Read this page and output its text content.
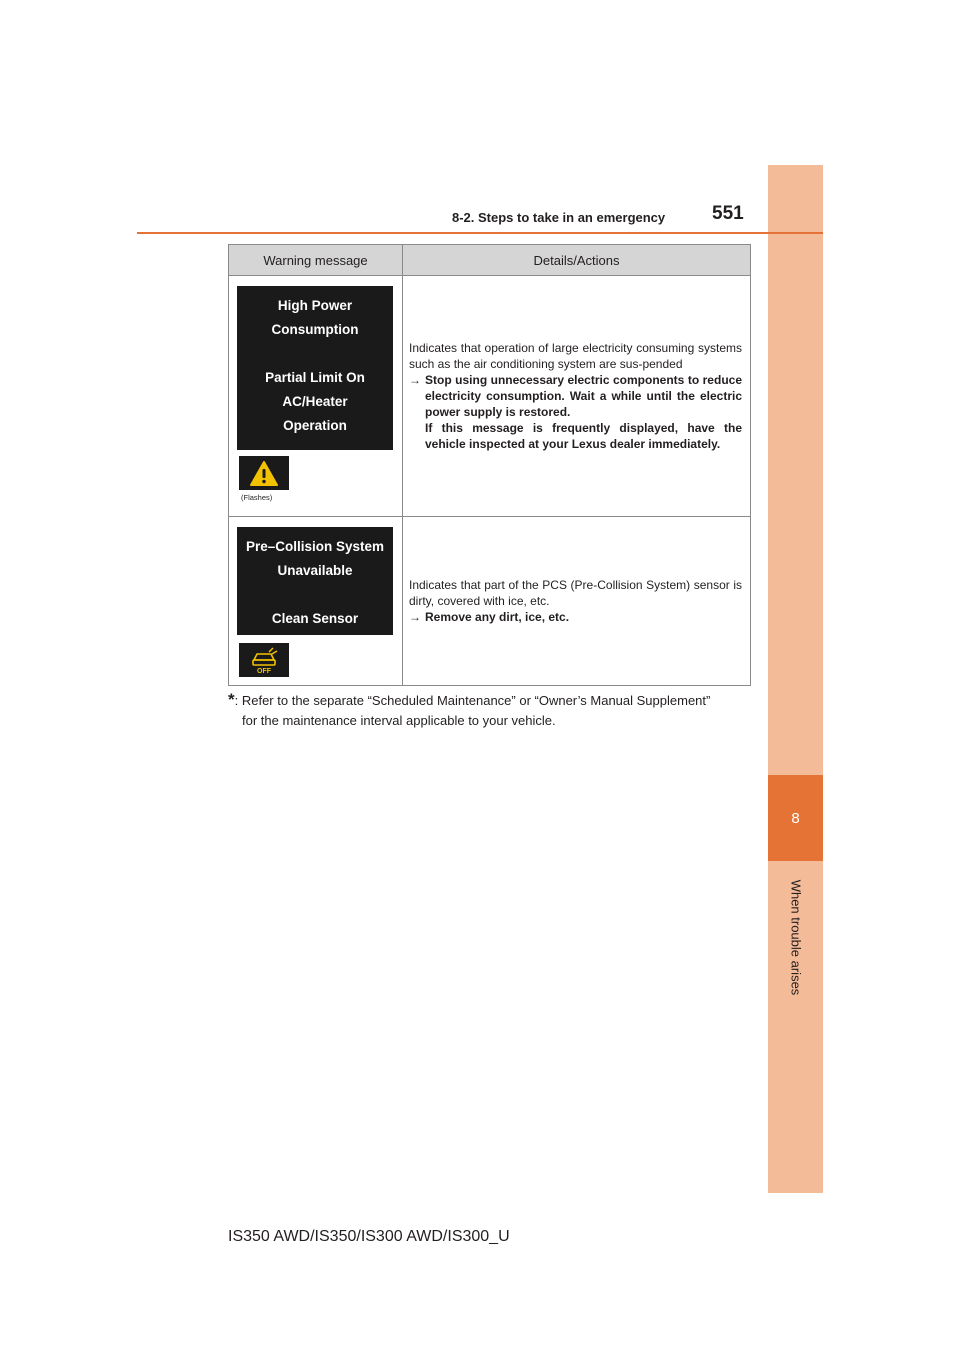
8
When trouble arises
8-2. Steps to take in an emergency 551
Warning message	Details/Actions
High Power
Consumption
Partial Limit On
AC/Heater
Operation
(Flashes)
Indicates that operation of large electricity consuming systems such as the air conditioning system are sus-pended
→ Stop using unnecessary electric components to reduce electricity consumption. Wait a while until the electric power supply is restored.
If this message is frequently displayed, have the vehicle inspected at your Lexus dealer immediately.
Pre–Collision System
Unavailable
Clean Sensor
OFF
Indicates that part of the PCS (Pre-Collision System) sensor is dirty, covered with ice, etc.
→ Remove any dirt, ice, etc.
*: Refer to the separate “Scheduled Maintenance” or “Owner’s Manual Supplement”
for the maintenance interval applicable to your vehicle.
IS350 AWD/IS350/IS300 AWD/IS300_U
